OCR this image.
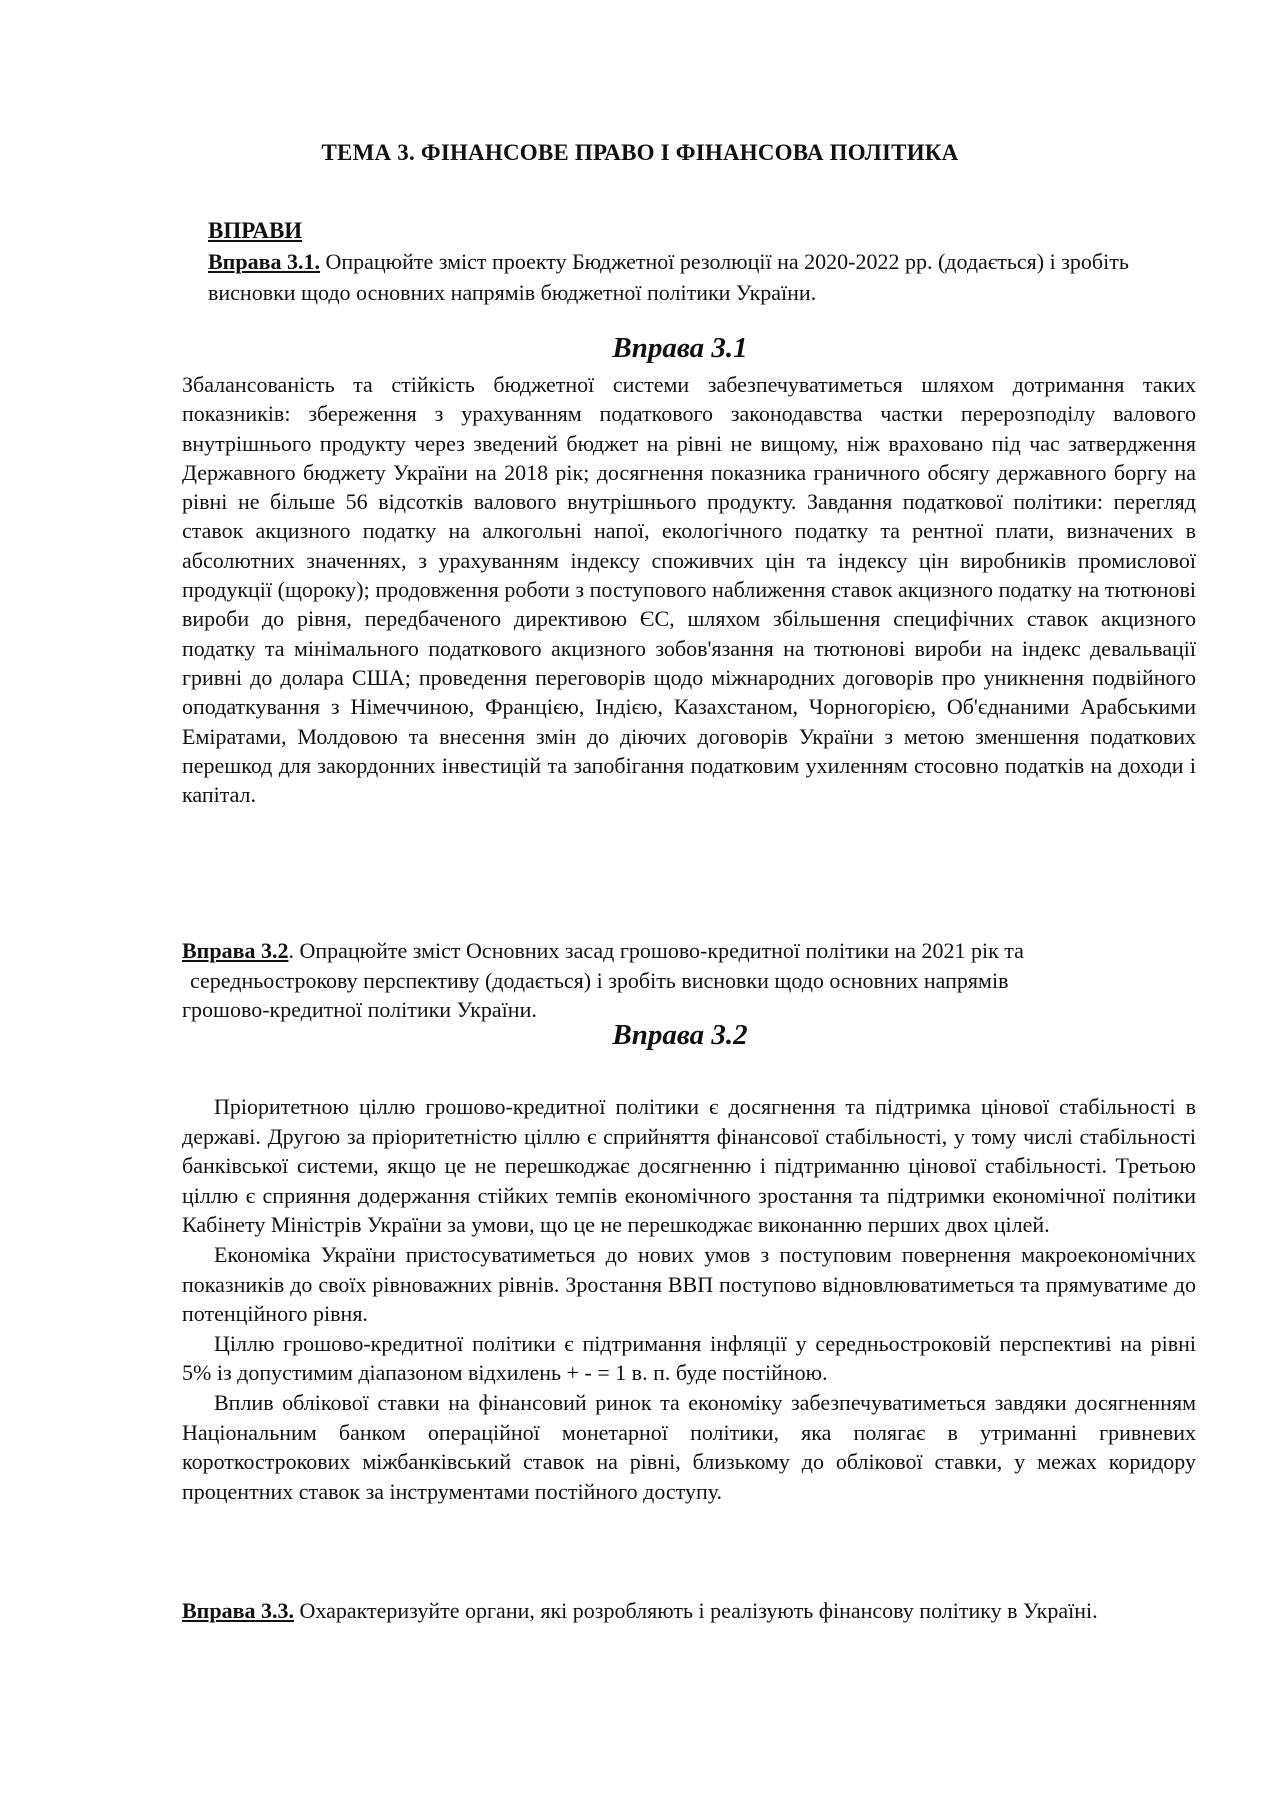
ТЕМА 3. ФІНАНСОВЕ ПРАВО І ФІНАНСОВА ПОЛІТИКА
ВПРАВИ
Вправа 3.1. Опрацюйте зміст проекту Бюджетної резолюції на 2020-2022 рр. (додається) і зробіть висновки щодо основних напрямів бюджетної політики України.
Вправа 3.1
Збалансованість та стійкість бюджетної системи забезпечуватиметься шляхом дотримання таких показників: збереження з урахуванням податкового законодавства частки перерозподілу валового внутрішнього продукту через зведений бюджет на рівні не вищому, ніж враховано під час затвердження Державного бюджету України на 2018 рік; досягнення показника граничного обсягу державного боргу на рівні не більше 56 відсотків валового внутрішнього продукту. Завдання податкової політики: перегляд ставок акцизного податку на алкогольні напої, екологічного податку та рентної плати, визначених в абсолютних значеннях, з урахуванням індексу споживчих цін та індексу цін виробників промислової продукції (щороку); продовження роботи з поступового наближення ставок акцизного податку на тютюнові вироби до рівня, передбаченого директивою ЄС, шляхом збільшення специфічних ставок акцизного податку та мінімального податкового акцизного зобов'язання на тютюнові вироби на індекс девальвації гривні до долара США; проведення переговорів щодо міжнародних договорів про уникнення подвійного оподаткування з Німеччиною, Францією, Індією, Казахстаном, Чорногорією, Об'єднаними Арабськими Еміратами, Молдовою та внесення змін до діючих договорів України з метою зменшення податкових перешкод для закордонних інвестицій та запобігання податковим ухиленням стосовно податків на доходи і капітал.
Вправа 3.2. Опрацюйте зміст Основних засад грошово-кредитної політики на 2021 рік та
середньострокову перспективу (додається) і зробіть висновки щодо основних напрямів
грошово-кредитної політики України.
Вправа 3.2

Пріоритетною ціллю грошово-кредитної політики є досягнення та підтримка цінової стабільності в державі. Другою за пріоритетністю ціллю є сприйняття фінансової стабільності, у тому числі стабільності банківської системи, якщо це не перешкоджає досягненню і підтриманню цінової стабільності. Третьою ціллю є сприяння додержання стійких темпів економічного зростання та підтримки економічної політики Кабінету Міністрів України за умови, що це не перешкоджає виконанню перших двох цілей.

Економіка України пристосуватиметься до нових умов з поступовим повернення макроекономічних показників до своїх рівноважних рівнів. Зростання ВВП поступово відновлюватиметься та прямуватиме до потенційного рівня.

Ціллю грошово-кредитної політики є підтримання інфляції у середньостроковій перспективі на рівні 5% із допустимим діапазоном відхилень + - = 1 в. п. буде постійною.

Вплив облікової ставки на фінансовий ринок та економіку забезпечуватиметься завдяки досягненням Національним банком операційної монетарної політики, яка полягає в утриманні гривневих короткострокових міжбанківський ставок на рівні, близькому до облікової ставки, у межах коридору процентних ставок за інструментами постійного доступу.

Вправа 3.3. Охарактеризуйте органи, які розробляють і реалізують фінансову політику в Україні.
